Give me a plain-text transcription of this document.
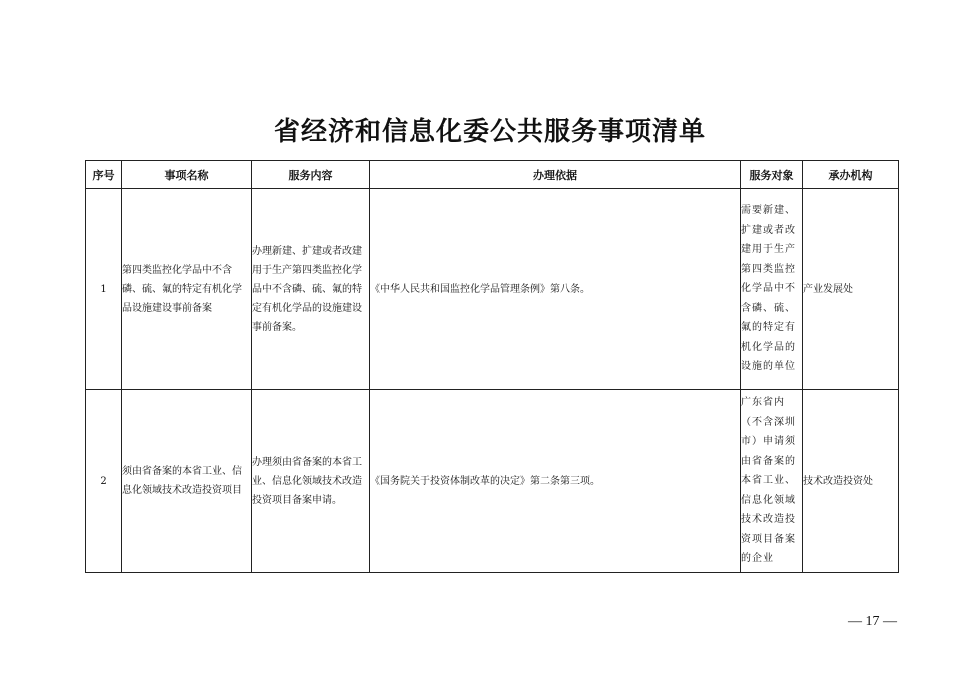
省经济和信息化委公共服务事项清单
序号	事项名称	服务内容	办理依据	服务对象	承办机构
1	第四类监控化学品中不含磷、硫、氟的特定有机化学品设施建设事前备案	办理新建、扩建或者改建用于生产第四类监控化学品中不含磷、硫、氟的特定有机化学品的设施建设事前备案。	《中华人民共和国监控化学品管理条例》第八条。	需要新建、扩建或者改建用于生产第四类监控化学品中不含磷、硫、氟的特定有机化学品的设施的单位	产业发展处
2	须由省备案的本省工业、信息化领域技术改造投资项目	办理须由省备案的本省工业、信息化领域技术改造投资项目备案申请。	《国务院关于投资体制改革的决定》第二条第三项。	广东省内（不含深圳市）申请须由省备案的本省工业、信息化领域技术改造投资项目备案的企业	技术改造投资处
— 17 —
